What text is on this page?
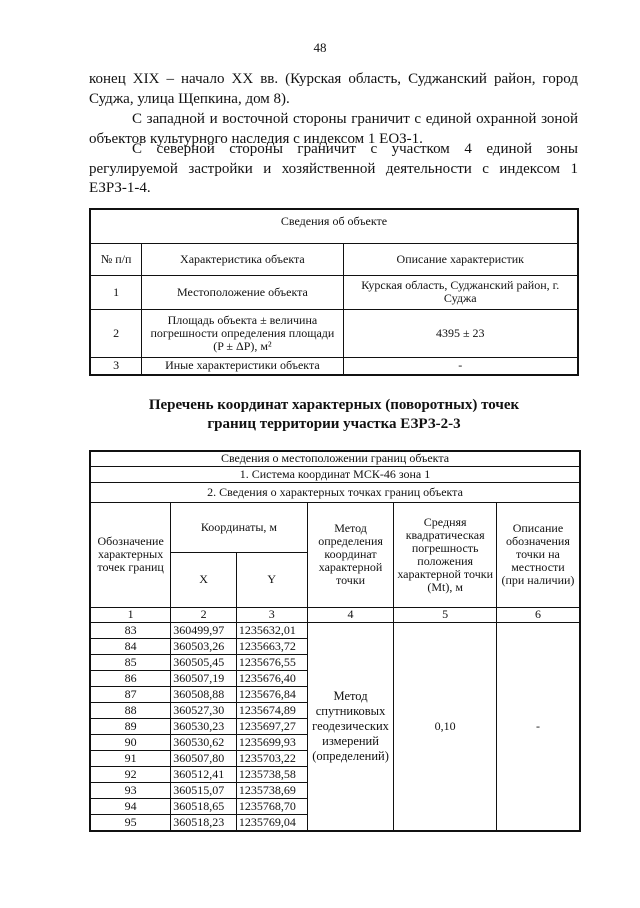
48

конец XIX – начало XX вв. (Курская область, Суджанский район, город Суджа, улица Щепкина, дом 8).

С западной и восточной стороны граничит с единой охранной зоной объектов культурного наследия с индексом 1 ЕОЗ-1.

С северной стороны граничит с участком 4 единой зоны регулируемой застройки и хозяйственной деятельности с индексом 1 ЕЗРЗ-1-4.

Сведения об объекте		
№ п/п	Характеристика объекта	Описание характеристик
1	Местоположение объекта	Курская область, Суджанский район, г. Суджа
2	Площадь объекта ± величина погрешности определения площади (P ± ΔP), м²	4395 ± 23
3	Иные характеристики объекта	-
Перечень координат характерных (поворотных) точек
границ территории участка ЕЗРЗ-2-3
Сведения о местоположении границ объекта					
1. Система координат МСК-46 зона 1					
2. Сведения о характерных точках границ объекта					
Обозначение характерных точек границ	Координаты, м		Метод определения координат характерной точки	Средняя квадратическая погрешность положения характерной точки (Mt), м	Описание обозначения точки на местности (при наличии)
	X	Y			
1	2	3	4	5	6
83	360499,97	1235632,01	Метод спутниковых геодезических измерений (определений)	0,10	-
84	360503,26	1235663,72			
85	360505,45	1235676,55			
86	360507,19	1235676,40			
87	360508,88	1235676,84			
88	360527,30	1235674,89			
89	360530,23	1235697,27			
90	360530,62	1235699,93			
91	360507,80	1235703,22			
92	360512,41	1235738,58			
93	360515,07	1235738,69			
94	360518,65	1235768,70			
95	360518,23	1235769,04			
